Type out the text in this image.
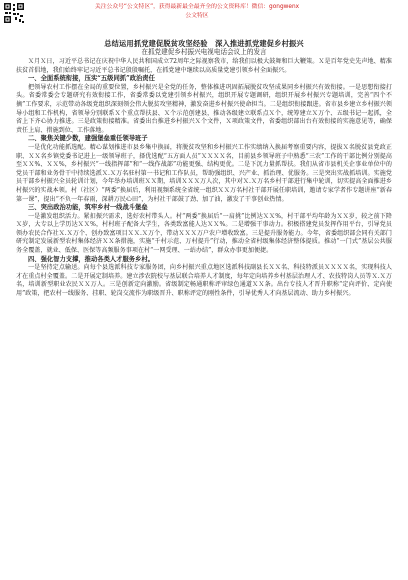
关注公众号“公文特区”，获得最新最全最齐全的公文资料库！微信：gongwenx
公文特区

总结运用抓党建促脱贫攻坚经验　深入推进抓党建促乡村振兴

在抓党建促乡村振兴电视电话会议上的发言

Ｘ月Ｘ日，习近平总书记在庆祝中华人民共和国成立72周年之际视察我市，给我们以极大鼓舞和巨大鞭策。Ｘ是百年党史先声地、精准扶贫首倡地，我们始终牢记习近平总书记殷殷嘱托，在抓党建中继续以高质量党建引领乡村全面振兴。

一、全面系统衔接，压实“五级同抓”政治责任

把领导农村工作摆在全局的重要位置，乡村振兴是全党的任务，整体推进巩固拓展脱贫攻坚成果同乡村振兴有效衔接。一是思想衔接打头。省委常委会专题研究有效衔接工作，省委常委以党建引领乡村振兴，组织开展专题调研，组织开展乡村振兴专题培训，完善“四个不摘”工作要求，示范带动各级党组织深刻领会伟大脱贫攻坚精神，激发奋进乡村振兴使命担当。二是组织衔接跟进。省市县乡建立乡村振兴领导小组和工作机构，省领导分别联系Ｘ个重点帮扶县、Ｘ个示范创建县，推动各级建立联系点Ｘ个，统筹建立Ｘ万个、五级书记一起抓，全省上下齐心协力推进。三是政策衔接精准。省委出台推进乡村振兴Ｘ个文件，Ｘ项政策文件，省委组织部出台有效衔接的实施意见等，确保责任上肩、措施到位、工作落地。

二、聚焦关键少数，建强堡垒重任领导班子

一是优化功能抓选配。精心谋划推进市县乡集中换届，将脱贫攻坚和乡村振兴工作实绩纳入换届考察重要内容，提拔Ｘ名脱贫县党政正职、ＸＸ名乡镇党委书记进上一级领导班子，择优选配“五方面人员”ＸＸＸＸ名，目前县乡领导班子中熟悉“三农”工作的干部比例分别提高至ＸＸ%、ＸＸ%，乡村振兴“一线指挥部”和“一线作战部”功能更强、结构更优。二是下沉力量抓帮扶。我们从省市县机关企事业单位中的党员干部和业务骨干中持续选派Ｘ.Ｘ万名驻村第一书记和工作队员，帮助强组织、兴产业、抓治理、优服务。三是突出实战抓培训。实施党员干部乡村振兴全员轮训计划，今年举办培训班ＸＸ期，培训ＸＸＸ万人次，其中对Ｘ.Ｘ万名乡村干部进行集中轮训，切实提高全面推进乡村振兴的实战本领。村（社区）“两委”换届后，利用视频系统全省统一组织ＸＸ万名村社干部开展任职培训，邀请专家学者作专题讲座“新春第一课”，提出“不负一年春雨，深耕万民心田”，为村社干部鼓了劲、加了油，激发了干事创业热情。

三、突出政治功能，筑牢乡村一线战斗堡垒

一是激发组织活力。紧扣振兴需求，选好农村带头人。村“两委”换届后“一肩挑”比例达ＸＸ%，村干部平均年龄为ＸＸ岁，较之前下降Ｘ岁，大专以上学历达ＸＸ%，村村班子配备大学生，各类致富能人达ＸＸ%。二是增强干事动力。积极搭建党员发挥作用平台，引导党员领办农民合作社Ｘ.Ｘ万个、创办致富项目ＸＸ.Ｘ万个，带动ＸＸＸ万户农户增收致富。三是提升服务能力。今年，省委组织部会同有关部门研究制定发展新型农村集体经济ＸＸ条措施，实施“千村示范、万村提升”行动，推动全省村级集体经济整体提质。推动“一门式”基层公共服务全覆盖，就业、低保、医保等高频服务事项在村“一网受理、一站办结”，群众办事更加便捷。

四、强化智力支撑，推动各类人才服务乡村。

一是坚持定点输送。向每个县选派科技专家服务团，向乡村振兴重点地区选派科技副县长ＸＸ名、科技特派员ＸＸＸＸ名，实现科技人才在重点村全覆盖。二是开展定制培养。建立涉农院校与基层联合培养人才制度，每年定向培养乡村基层治理人才、农技特岗人员等Ｘ.Ｘ万名，培训新型职业农民ＸＸ万人。三是创新定向激励。省级制定畅通职称评审绿色通道ＸＸ条。出台专技人才晋升职称“定向评价、定向使用”政策，把农村一线服务、挂职、轮岗交流作为职级晋升、职称评定的刚性条件，引导优秀人才向基层流动、助力乡村振兴。
